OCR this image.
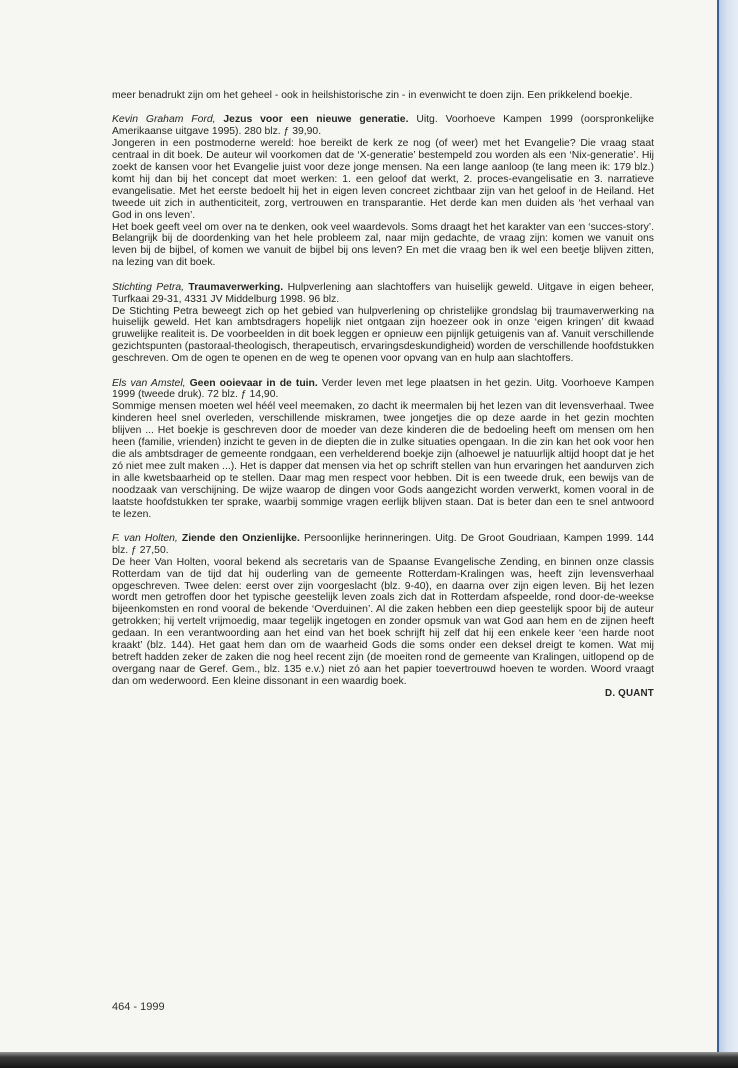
meer benadrukt zijn om het geheel - ook in heilshistorische zin - in evenwicht te doen zijn. Een prikkelend boekje.

Kevin Graham Ford, Jezus voor een nieuwe generatie. Uitg. Voorhoeve Kampen 1999 (oorspronkelijke Amerikaanse uitgave 1995). 280 blz. ƒ 39,90.

Jongeren in een postmoderne wereld: hoe bereikt de kerk ze nog (of weer) met het Evangelie? Die vraag staat centraal in dit boek. De auteur wil voorkomen dat de ‘X-generatie’ bestempeld zou worden als een ‘Nix-generatie’. Hij zoekt de kansen voor het Evangelie juist voor deze jonge mensen. Na een lange aanloop (te lang meen ik: 179 blz.) komt hij dan bij het concept dat moet werken: 1. een geloof dat werkt, 2. proces-evangelisatie en 3. narratieve evangelisatie. Met het eerste bedoelt hij het in eigen leven concreet zichtbaar zijn van het geloof in de Heiland. Het tweede uit zich in authenticiteit, zorg, vertrouwen en transparantie. Het derde kan men duiden als ‘het verhaal van God in ons leven’.

Het boek geeft veel om over na te denken, ook veel waardevols. Soms draagt het het karakter van een ‘succes-story’. Belangrijk bij de doordenking van het hele probleem zal, naar mijn gedachte, de vraag zijn: komen we vanuit ons leven bij de bijbel, of komen we vanuit de bijbel bij ons leven? En met die vraag ben ik wel een beetje blijven zitten, na lezing van dit boek.

Stichting Petra, Traumaverwerking. Hulpverlening aan slachtoffers van huiselijk geweld. Uitgave in eigen beheer, Turfkaai 29-31, 4331 JV Middelburg 1998. 96 blz.

De Stichting Petra beweegt zich op het gebied van hulpverlening op christelijke grondslag bij traumaverwerking na huiselijk geweld. Het kan ambtsdragers hopelijk niet ontgaan zijn hoezeer ook in onze ‘eigen kringen’ dit kwaad gruwelijke realiteit is. De voorbeelden in dit boek leggen er opnieuw een pijnlijk getuigenis van af. Vanuit verschillende gezichtspunten (pastoraal-theologisch, therapeutisch, ervaringsdeskundigheid) worden de verschillende hoofdstukken geschreven. Om de ogen te openen en de weg te openen voor opvang van en hulp aan slachtoffers.

Els van Amstel, Geen ooievaar in de tuin. Verder leven met lege plaatsen in het gezin. Uitg. Voorhoeve Kampen 1999 (tweede druk). 72 blz. ƒ 14,90.

Sommige mensen moeten wel héél veel meemaken, zo dacht ik meermalen bij het lezen van dit levensverhaal. Twee kinderen heel snel overleden, verschillende miskramen, twee jongetjes die op deze aarde in het gezin mochten blijven ... Het boekje is geschreven door de moeder van deze kinderen die de bedoeling heeft om mensen om hen heen (familie, vrienden) inzicht te geven in de diepten die in zulke situaties opengaan. In die zin kan het ook voor hen die als ambtsdrager de gemeente rondgaan, een verhelderend boekje zijn (alhoewel je natuurlijk altijd hoopt dat je het zó niet mee zult maken ...). Het is dapper dat mensen via het op schrift stellen van hun ervaringen het aandurven zich in alle kwetsbaarheid op te stellen. Daar mag men respect voor hebben. Dit is een tweede druk, een bewijs van de noodzaak van verschijning. De wijze waarop de dingen voor Gods aangezicht worden verwerkt, komen vooral in de laatste hoofdstukken ter sprake, waarbij sommige vragen eerlijk blijven staan. Dat is beter dan een te snel antwoord te lezen.

F. van Holten, Ziende den Onzienlijke. Persoonlijke herinneringen. Uitg. De Groot Goudriaan, Kampen 1999. 144 blz. ƒ 27,50.

De heer Van Holten, vooral bekend als secretaris van de Spaanse Evangelische Zending, en binnen onze classis Rotterdam van de tijd dat hij ouderling van de gemeente Rotterdam-Kralingen was, heeft zijn levensverhaal opgeschreven. Twee delen: eerst over zijn voorgeslacht (blz. 9-40), en daarna over zijn eigen leven. Bij het lezen wordt men getroffen door het typische geestelijk leven zoals zich dat in Rotterdam afspeelde, rond door-de-weekse bijeenkomsten en rond vooral de bekende ‘Overduinen’. Al die zaken hebben een diep geestelijk spoor bij de auteur getrokken; hij vertelt vrijmoedig, maar tegelijk ingetogen en zonder opsmuk van wat God aan hem en de zijnen heeft gedaan. In een verantwoording aan het eind van het boek schrijft hij zelf dat hij een enkele keer ‘een harde noot kraakt’ (blz. 144). Het gaat hem dan om de waarheid Gods die soms onder een deksel dreigt te komen. Wat mij betreft hadden zeker de zaken die nog heel recent zijn (de moeiten rond de gemeente van Kralingen, uitlopend op de overgang naar de Geref. Gem., blz. 135 e.v.) niet zó aan het papier toevertrouwd hoeven te worden. Woord vraagt dan om wederwoord. Een kleine dissonant in een waardig boek.

D. QUANT

464 - 1999
